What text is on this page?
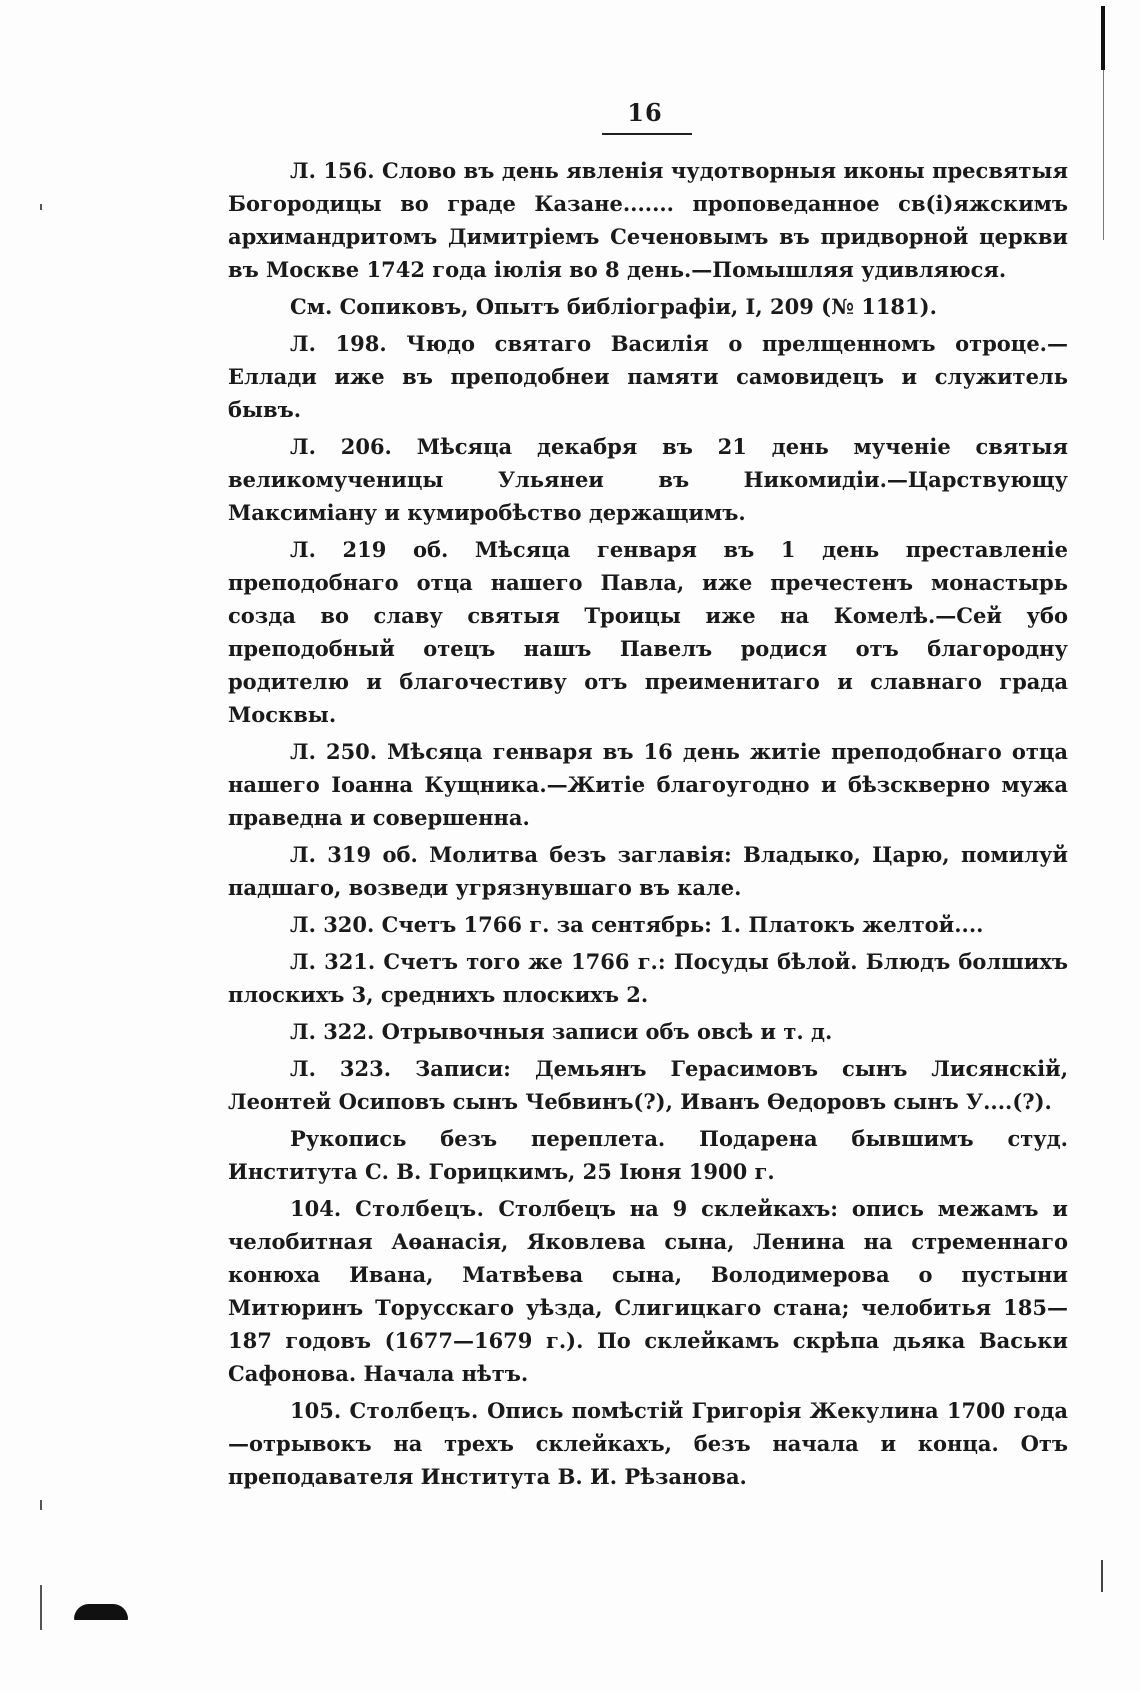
16

Л. 156. Слово въ день явленія чудотворныя иконы пресвятыя Богородицы во граде Казане....... проповеданное св(і)яжскимъ архимандритомъ Димитріемъ Сеченовымъ въ придворной церкви въ Москве 1742 года іюлія во 8 день.—Помышляя удивляюся.

См. Сопиковъ, Опытъ библіографіи, I, 209 (№ 1181).

Л. 198. Чюдо святаго Василія о прелщенномъ отроце.—Еллади иже въ преподобнеи памяти самовидецъ и служитель бывъ.

Л. 206. Мѣсяца декабря въ 21 день мученіе святыя великомученицы Ульянеи въ Никомидіи.—Царствующу Максиміану и кумиробѣство держащимъ.

Л. 219 об. Мѣсяца генваря въ 1 день преставленіе преподобнаго отца нашего Павла, иже пречестенъ монастырь созда во славу святыя Троицы иже на Комелѣ.—Сей убо преподобный отецъ нашъ Павелъ родися отъ благородну родителю и благочестиву отъ преименитаго и славнаго града Москвы.

Л. 250. Мѣсяца генваря въ 16 день житіе преподобнаго отца нашего Іоанна Кущника.—Житіе благоугодно и бѣзскверно мужа праведна и совершенна.

Л. 319 об. Молитва безъ заглавія: Владыко, Царю, помилуй падшаго, возведи угрязнувшаго въ кале.

Л. 320. Счетъ 1766 г. за сентябрь: 1. Платокъ желтой....

Л. 321. Счетъ того же 1766 г.: Посуды бѣлой. Блюдъ болшихъ плоскихъ 3, среднихъ плоскихъ 2.

Л. 322. Отрывочныя записи объ овсѣ и т. д.

Л. 323. Записи: Демьянъ Герасимовъ сынъ Лисянскій, Леонтей Осиповъ сынъ Чебвинъ(?), Иванъ Ѳедоровъ сынъ У....(?).

Рукопись безъ переплета. Подарена бывшимъ студ. Института С. В. Горицкимъ, 25 Іюня 1900 г.

104. Столбецъ. Столбецъ на 9 склейкахъ: опись межамъ и челобитная Аѳанасія, Яковлева сына, Ленина на стременнаго конюха Ивана, Матвѣева сына, Володимерова о пустыни Митюринъ Торусскаго уѣзда, Слигицкаго стана; челобитья 185—187 годовъ (1677—1679 г.). По склейкамъ скрѣпа дьяка Васьки Сафонова. Начала нѣтъ.

105. Столбецъ. Опись помѣстій Григорія Жекулина 1700 года—отрывокъ на трехъ склейкахъ, безъ начала и конца. Отъ преподавателя Института В. И. Рѣзанова.
